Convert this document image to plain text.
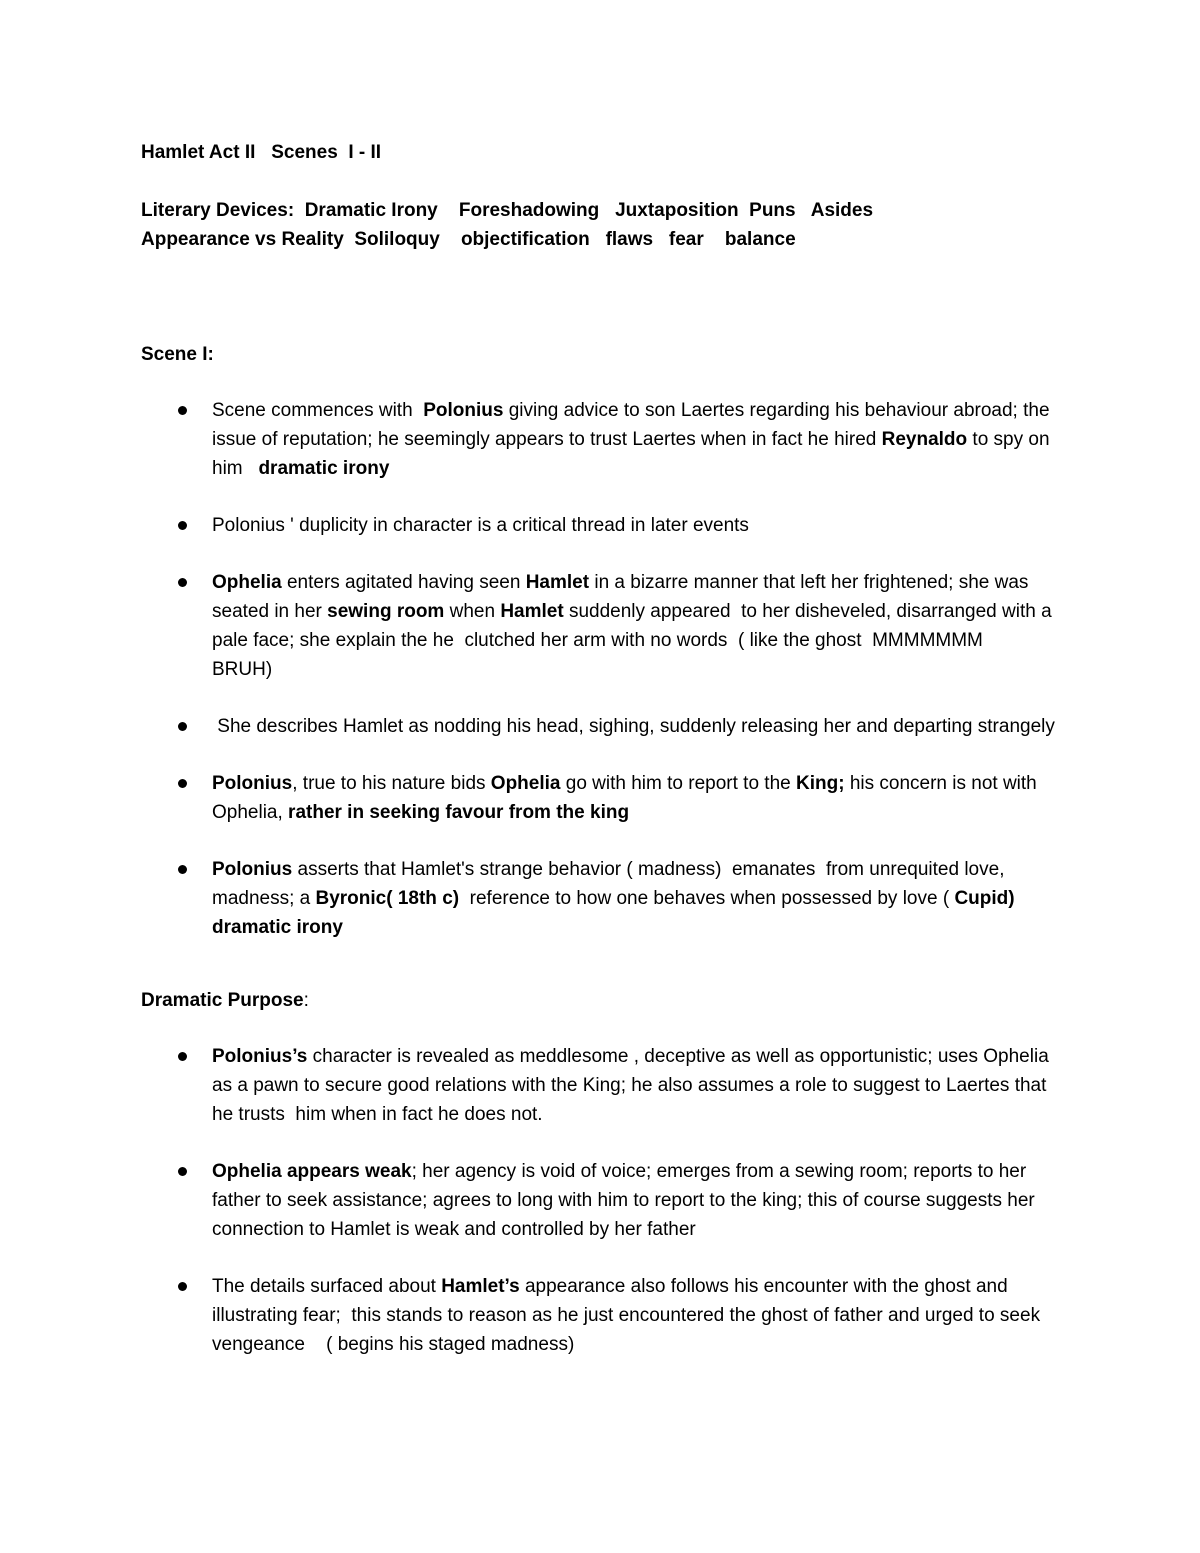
Hamlet Act II   Scenes  I - II

Literary Devices:  Dramatic Irony    Foreshadowing   Juxtaposition  Puns   Asides
Appearance vs Reality  Soliloquy    objectification   flaws   fear    balance

Scene I:

Scene commences with  Polonius giving advice to son Laertes regarding his behaviour abroad; the issue of reputation; he seemingly appears to trust Laertes when in fact he hired Reynaldo to spy on him   dramatic irony
Polonius ' duplicity in character is a critical thread in later events
Ophelia enters agitated having seen Hamlet in a bizarre manner that left her frightened; she was seated in her sewing room when Hamlet suddenly appeared  to her disheveled, disarranged with a pale face; she explain the he  clutched her arm with no words  ( like the ghost  MMMMMMM    BRUH)
She describes Hamlet as nodding his head, sighing, suddenly releasing her and departing strangely
Polonius, true to his nature bids Ophelia go with him to report to the King; his concern is not with Ophelia, rather in seeking favour from the king
Polonius asserts that Hamlet's strange behavior ( madness)  emanates  from unrequited love, madness; a Byronic( 18th c)  reference to how one behaves when possessed by love ( Cupid)     dramatic irony

Dramatic Purpose:

Polonius’s character is revealed as meddlesome , deceptive as well as opportunistic; uses Ophelia as a pawn to secure good relations with the King; he also assumes a role to suggest to Laertes that he trusts  him when in fact he does not.
Ophelia appears weak; her agency is void of voice; emerges from a sewing room; reports to her father to seek assistance; agrees to long with him to report to the king; this of course suggests her connection to Hamlet is weak and controlled by her father
The details surfaced about Hamlet’s appearance also follows his encounter with the ghost and illustrating fear;  this stands to reason as he just encountered the ghost of father and urged to seek vengeance    ( begins his staged madness)
